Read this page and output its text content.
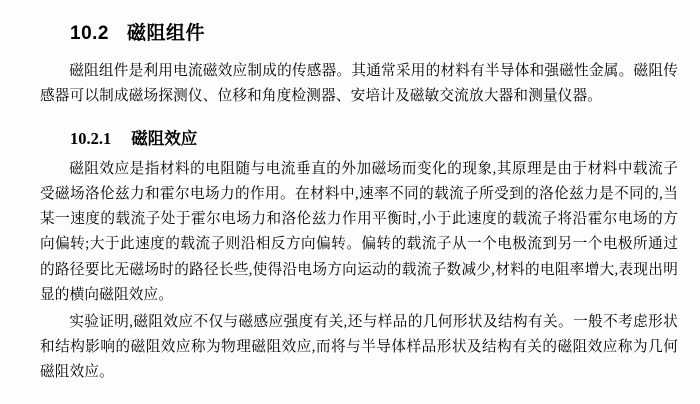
10.2 磁阻组件

磁阻组件是利用电流磁效应制成的传感器。其通常采用的材料有半导体和强磁性金属。磁阻传感器可以制成磁场探测仪、位移和角度检测器、安培计及磁敏交流放大器和测量仪器。

10.2.1 磁阻效应

磁阻效应是指材料的电阻随与电流垂直的外加磁场而变化的现象,其原理是由于材料中载流子受磁场洛伦兹力和霍尔电场力的作用。在材料中,速率不同的载流子所受到的洛伦兹力是不同的,当某一速度的载流子处于霍尔电场力和洛伦兹力作用平衡时,小于此速度的载流子将沿霍尔电场的方向偏转;大于此速度的载流子则沿相反方向偏转。偏转的载流子从一个电极流到另一个电极所通过的路径要比无磁场时的路径长些,使得沿电场方向运动的载流子数减少,材料的电阻率增大,表现出明显的横向磁阻效应。

实验证明,磁阻效应不仅与磁感应强度有关,还与样品的几何形状及结构有关。一般不考虑形状和结构影响的磁阻效应称为物理磁阻效应,而将与半导体样品形状及结构有关的磁阻效应称为几何磁阻效应。
